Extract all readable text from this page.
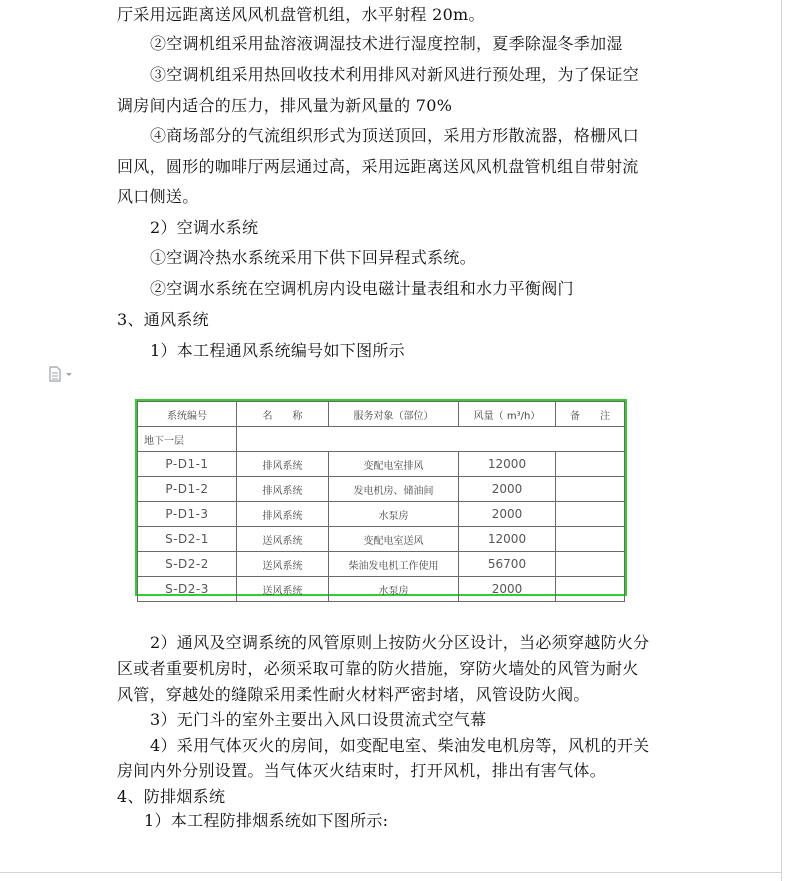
厅采用远距离送风风机盘管机组，水平射程 20m。
②空调机组采用盐溶液调湿技术进行湿度控制，夏季除湿冬季加湿
③空调机组采用热回收技术利用排风对新风进行预处理，为了保证空
调房间内适合的压力，排风量为新风量的 70%
④商场部分的气流组织形式为顶送顶回，采用方形散流器，格栅风口
回风，圆形的咖啡厅两层通过高，采用远距离送风风机盘管机组自带射流
风口侧送。
2）空调水系统
①空调冷热水系统采用下供下回异程式系统。
②空调水系统在空调机房内设电磁计量表组和水力平衡阀门
3、通风系统
1）本工程通风系统编号如下图所示
系统编号	名　　称	服务对象（部位）	风量（ m³/h）	备　　注
地下一层				
P-D1-1	排风系统	变配电室排风	12000	
P-D1-2	排风系统	发电机房、储油间	2000	
P-D1-3	排风系统	水泵房	2000	
S-D2-1	送风系统	变配电室送风	12000	
S-D2-2	送风系统	柴油发电机工作使用	56700	
S-D2-3	送风系统	水泵房	2000	
2）通风及空调系统的风管原则上按防火分区设计，当必须穿越防火分
区或者重要机房时，必须采取可靠的防火措施，穿防火墙处的风管为耐火
风管，穿越处的缝隙采用柔性耐火材料严密封堵，风管设防火阀。
3）无门斗的室外主要出入风口设贯流式空气幕
4）采用气体灭火的房间，如变配电室、柴油发电机房等，风机的开关
房间内外分别设置。当气体灭火结束时，打开风机，排出有害气体。
4、防排烟系统
1）本工程防排烟系统如下图所示:
